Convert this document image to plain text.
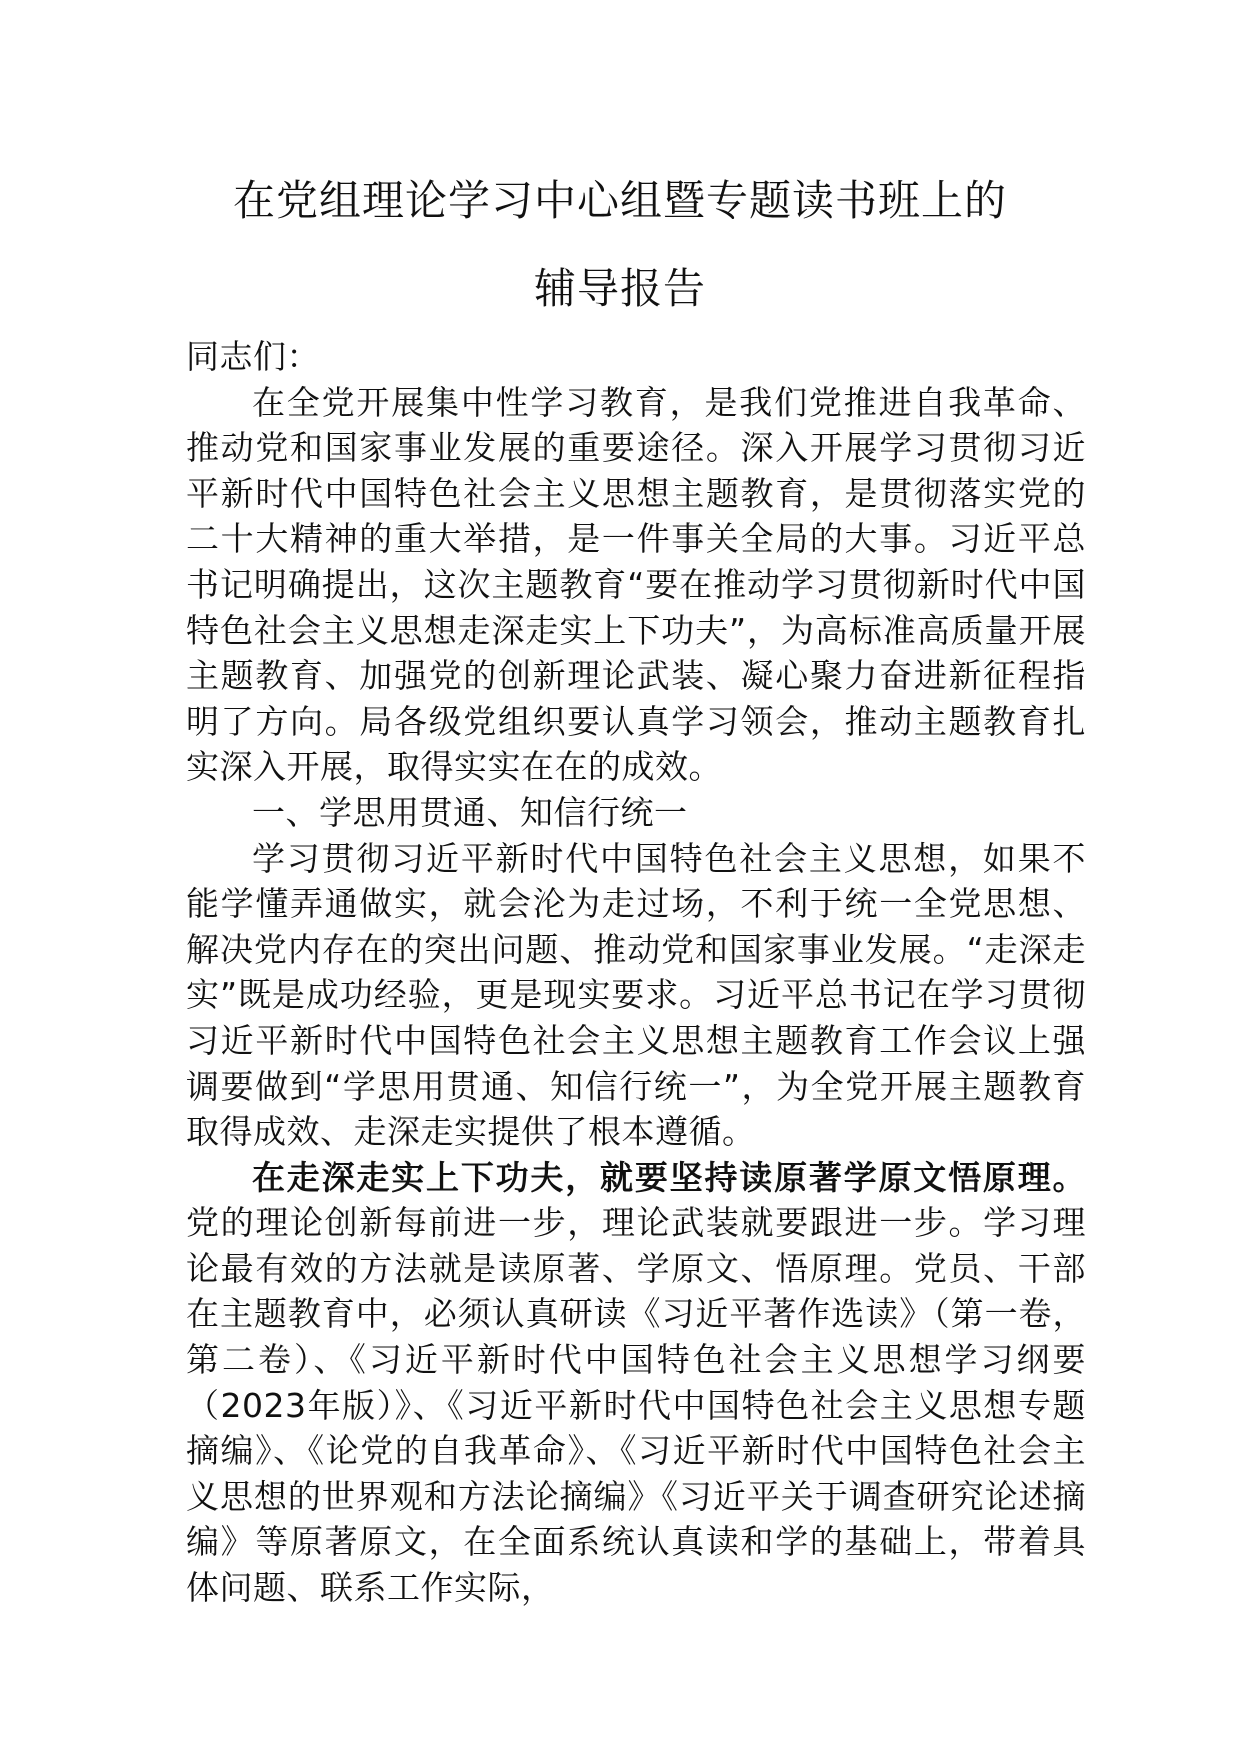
在党组理论学习中心组暨专题读书班上的
辅导报告

同志们：

在全党开展集中性学习教育，是我们党推进自我革命、推动党和国家事业发展的重要途径。深入开展学习贯彻习近平新时代中国特色社会主义思想主题教育，是贯彻落实党的二十大精神的重大举措，是一件事关全局的大事。习近平总书记明确提出，这次主题教育“要在推动学习贯彻新时代中国特色社会主义思想走深走实上下功夫”，为高标准高质量开展主题教育、加强党的创新理论武装、凝心聚力奋进新征程指明了方向。局各级党组织要认真学习领会，推动主题教育扎实深入开展，取得实实在在的成效。

一、学思用贯通、知信行统一

学习贯彻习近平新时代中国特色社会主义思想，如果不能学懂弄通做实，就会沦为走过场，不利于统一全党思想、解决党内存在的突出问题、推动党和国家事业发展。“走深走实”既是成功经验，更是现实要求。习近平总书记在学习贯彻习近平新时代中国特色社会主义思想主题教育工作会议上强调要做到“学思用贯通、知信行统一”，为全党开展主题教育取得成效、走深走实提供了根本遵循。

在走深走实上下功夫，就要坚持读原著学原文悟原理。党的理论创新每前进一步，理论武装就要跟进一步。学习理论最有效的方法就是读原著、学原文、悟原理。党员、干部在主题教育中，必须认真研读《习近平著作选读》（第一卷，第二卷）、《习近平新时代中国特色社会主义思想学习纲要（2023年版）》、《习近平新时代中国特色社会主义思想专题摘编》、《论党的自我革命》、《习近平新时代中国特色社会主义思想的世界观和方法论摘编》《习近平关于调查研究论述摘编》等原著原文，在全面系统认真读和学的基础上，带着具体问题、联系工作实际，
